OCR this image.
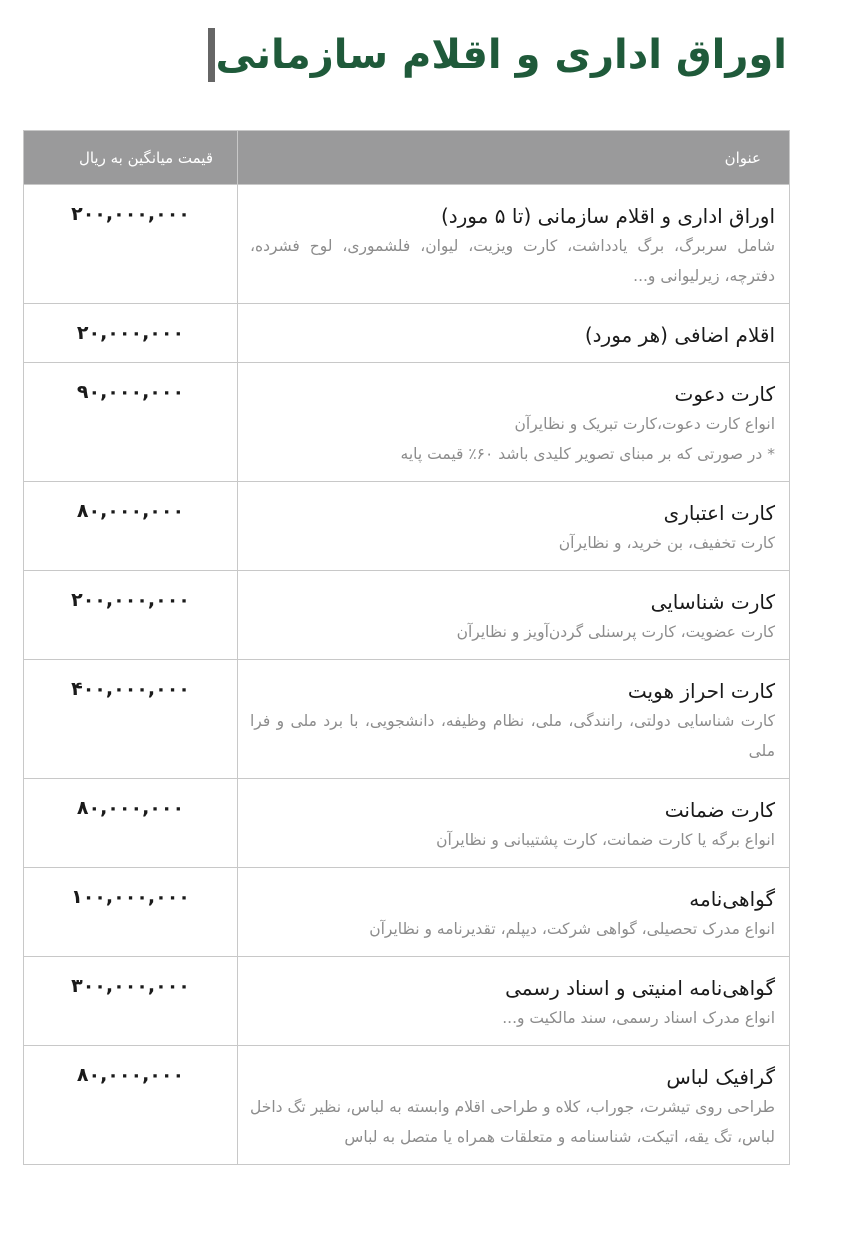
اوراق اداری و اقلام سازمانی
عنوان	قیمت میانگین به ریال

اوراق اداری و اقلام سازمانی (تا ۵ مورد)
شامل سربرگ، برگ یادداشت، کارت ویزیت، لیوان، فلشموری، لوح فشرده، دفترچه، زیرلیوانی و...	۲۰۰,۰۰۰,۰۰۰

اقلام اضافی (هر مورد)	۲۰,۰۰۰,۰۰۰

کارت دعوت
انواع کارت دعوت،کارت تبریک و نظایرآن
* در صورتی که بر مبنای تصویر کلیدی باشد ۶۰٪ قیمت پایه	۹۰,۰۰۰,۰۰۰

کارت اعتباری
کارت تخفیف، بن خرید، و نظایرآن	۸۰,۰۰۰,۰۰۰

کارت شناسایی
کارت عضویت، کارت پرسنلی گردن‌آویز و نظایرآن	۲۰۰,۰۰۰,۰۰۰

کارت احراز هویت
کارت شناسایی دولتی، رانندگی، ملی، نظام وظیفه، دانشجویی، با برد ملی و فرا ملی	۴۰۰,۰۰۰,۰۰۰

کارت ضمانت
انواع برگه یا کارت ضمانت، کارت پشتیبانی و نظایرآن	۸۰,۰۰۰,۰۰۰

گواهی‌نامه
انواع مدرک تحصیلی، گواهی شرکت، دیپلم، تقدیرنامه و نظایرآن	۱۰۰,۰۰۰,۰۰۰

گواهی‌نامه امنیتی و اسناد رسمی
انواع مدرک اسناد رسمی، سند مالکیت و...	۳۰۰,۰۰۰,۰۰۰

گرافیک لباس
طراحی روی تیشرت، جوراب، کلاه و طراحی اقلام وابسته به لباس، نظیر تگ داخل لباس، تگ یقه، اتیکت، شناسنامه و متعلقات همراه یا متصل به لباس	۸۰,۰۰۰,۰۰۰
